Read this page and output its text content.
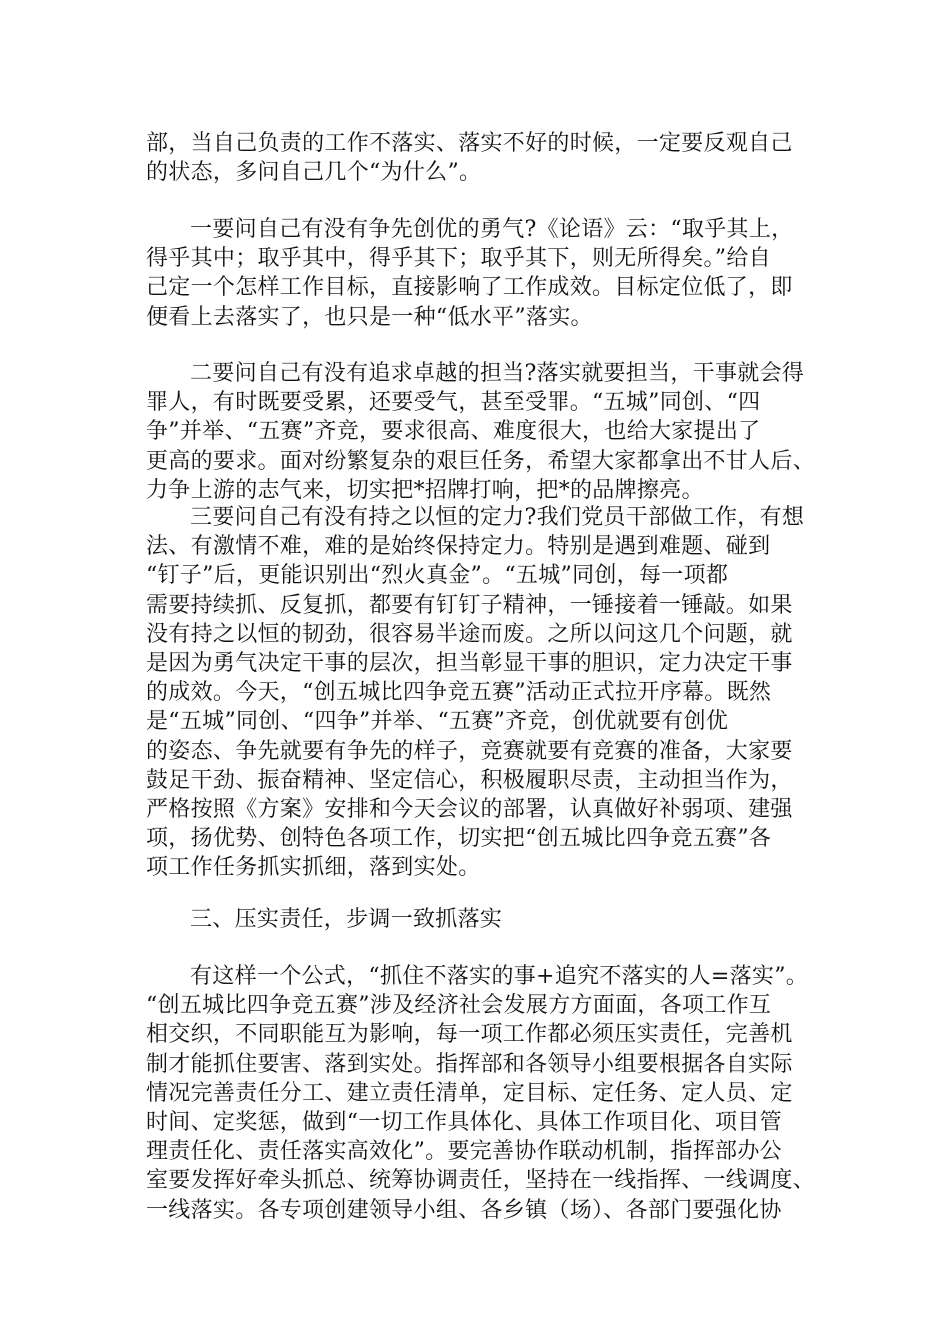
部，当自己负责的工作不落实、落实不好的时候，一定要反观自己
的状态，多问自己几个“为什么”。
一要问自己有没有争先创优的勇气?《论语》云：“取乎其上，
得乎其中；取乎其中，得乎其下；取乎其下，则无所得矣。”给自
己定一个怎样工作目标，直接影响了工作成效。目标定位低了，即
便看上去落实了，也只是一种“低水平”落实。
二要问自己有没有追求卓越的担当?落实就要担当，干事就会得
罪人，有时既要受累，还要受气，甚至受罪。“五城”同创、“四
争”并举、“五赛”齐竞，要求很高、难度很大，也给大家提出了
更高的要求。面对纷繁复杂的艰巨任务，希望大家都拿出不甘人后、
力争上游的志气来，切实把*招牌打响，把*的品牌擦亮。
三要问自己有没有持之以恒的定力?我们党员干部做工作，有想
法、有激情不难，难的是始终保持定力。特别是遇到难题、碰到
“钉子”后，更能识别出“烈火真金”。“五城”同创，每一项都
需要持续抓、反复抓，都要有钉钉子精神，一锤接着一锤敲。如果
没有持之以恒的韧劲，很容易半途而废。之所以问这几个问题，就
是因为勇气决定干事的层次，担当彰显干事的胆识，定力决定干事
的成效。今天，“创五城比四争竞五赛”活动正式拉开序幕。既然
是“五城”同创、“四争”并举、“五赛”齐竞，创优就要有创优
的姿态、争先就要有争先的样子，竞赛就要有竞赛的准备，大家要
鼓足干劲、振奋精神、坚定信心，积极履职尽责，主动担当作为，
严格按照《方案》安排和今天会议的部署，认真做好补弱项、建强
项，扬优势、创特色各项工作，切实把“创五城比四争竞五赛”各
项工作任务抓实抓细，落到实处。
三、压实责任，步调一致抓落实
有这样一个公式，“抓住不落实的事+追究不落实的人=落实”。
“创五城比四争竞五赛”涉及经济社会发展方方面面，各项工作互
相交织，不同职能互为影响，每一项工作都必须压实责任，完善机
制才能抓住要害、落到实处。指挥部和各领导小组要根据各自实际
情况完善责任分工、建立责任清单，定目标、定任务、定人员、定
时间、定奖惩，做到“一切工作具体化、具体工作项目化、项目管
理责任化、责任落实高效化”。要完善协作联动机制，指挥部办公
室要发挥好牵头抓总、统筹协调责任，坚持在一线指挥、一线调度、
一线落实。各专项创建领导小组、各乡镇（场）、各部门要强化协
